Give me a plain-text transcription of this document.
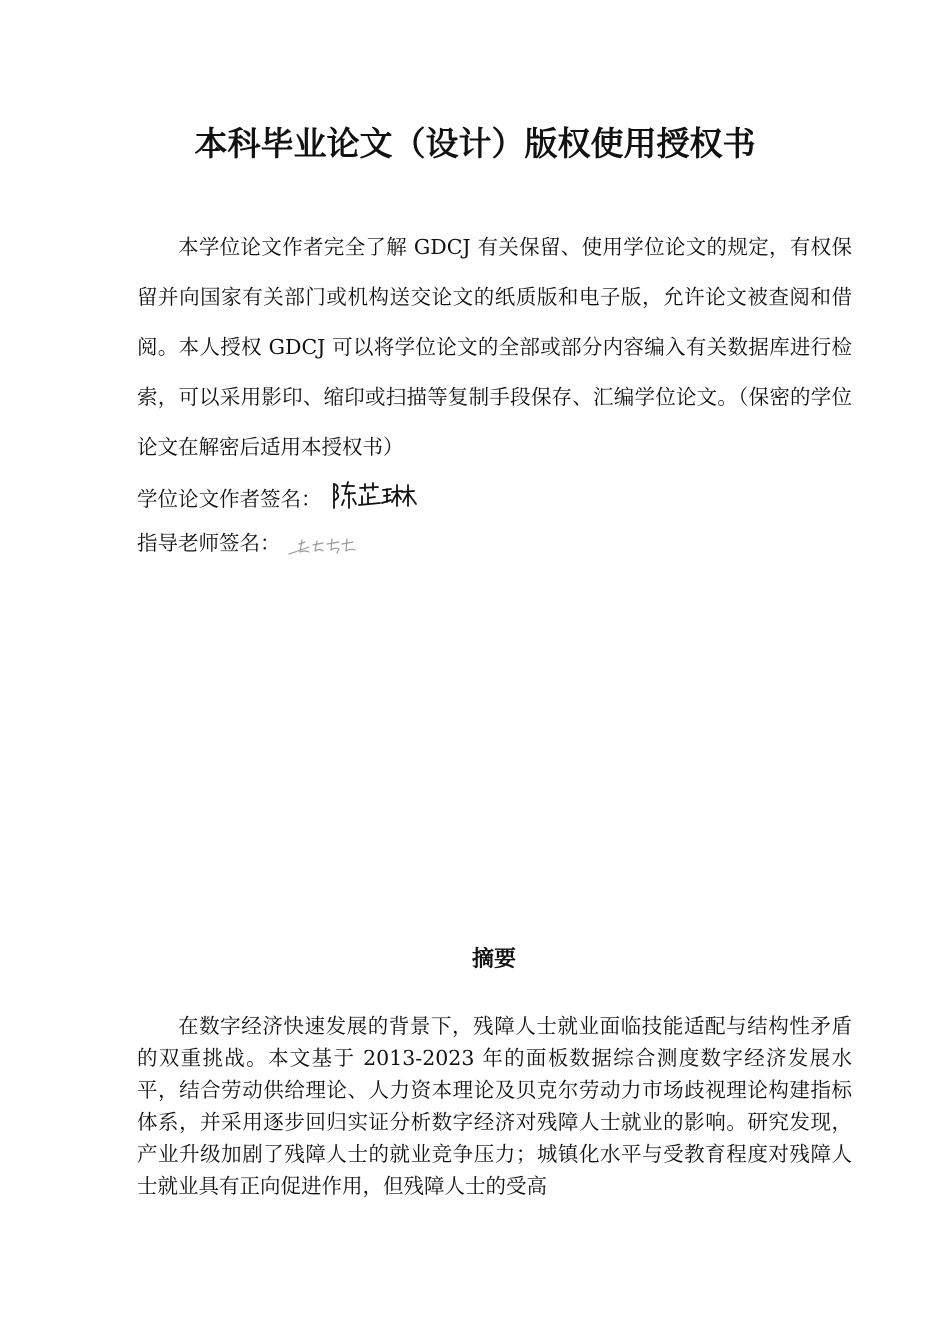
本科毕业论文（设计）版权使用授权书

本学位论文作者完全了解 GDCJ 有关保留、使用学位论文的规定，有权保留并向国家有关部门或机构送交论文的纸质版和电子版，允许论文被查阅和借阅。本人授权 GDCJ 可以将学位论文的全部或部分内容编入有关数据库进行检索，可以采用影印、缩印或扫描等复制手段保存、汇编学位论文。（保密的学位论文在解密后适用本授权书）

学位论文作者签名：
指导老师签名：
摘要

在数字经济快速发展的背景下，残障人士就业面临技能适配与结构性矛盾的双重挑战。本文基于 2013-2023 年的面板数据综合测度数字经济发展水平，结合劳动供给理论、人力资本理论及贝克尔劳动力市场歧视理论构建指标体系，并采用逐步回归实证分析数字经济对残障人士就业的影响。研究发现，产业升级加剧了残障人士的就业竞争压力；城镇化水平与受教育程度对残障人士就业具有正向促进作用，但残障人士的受高
